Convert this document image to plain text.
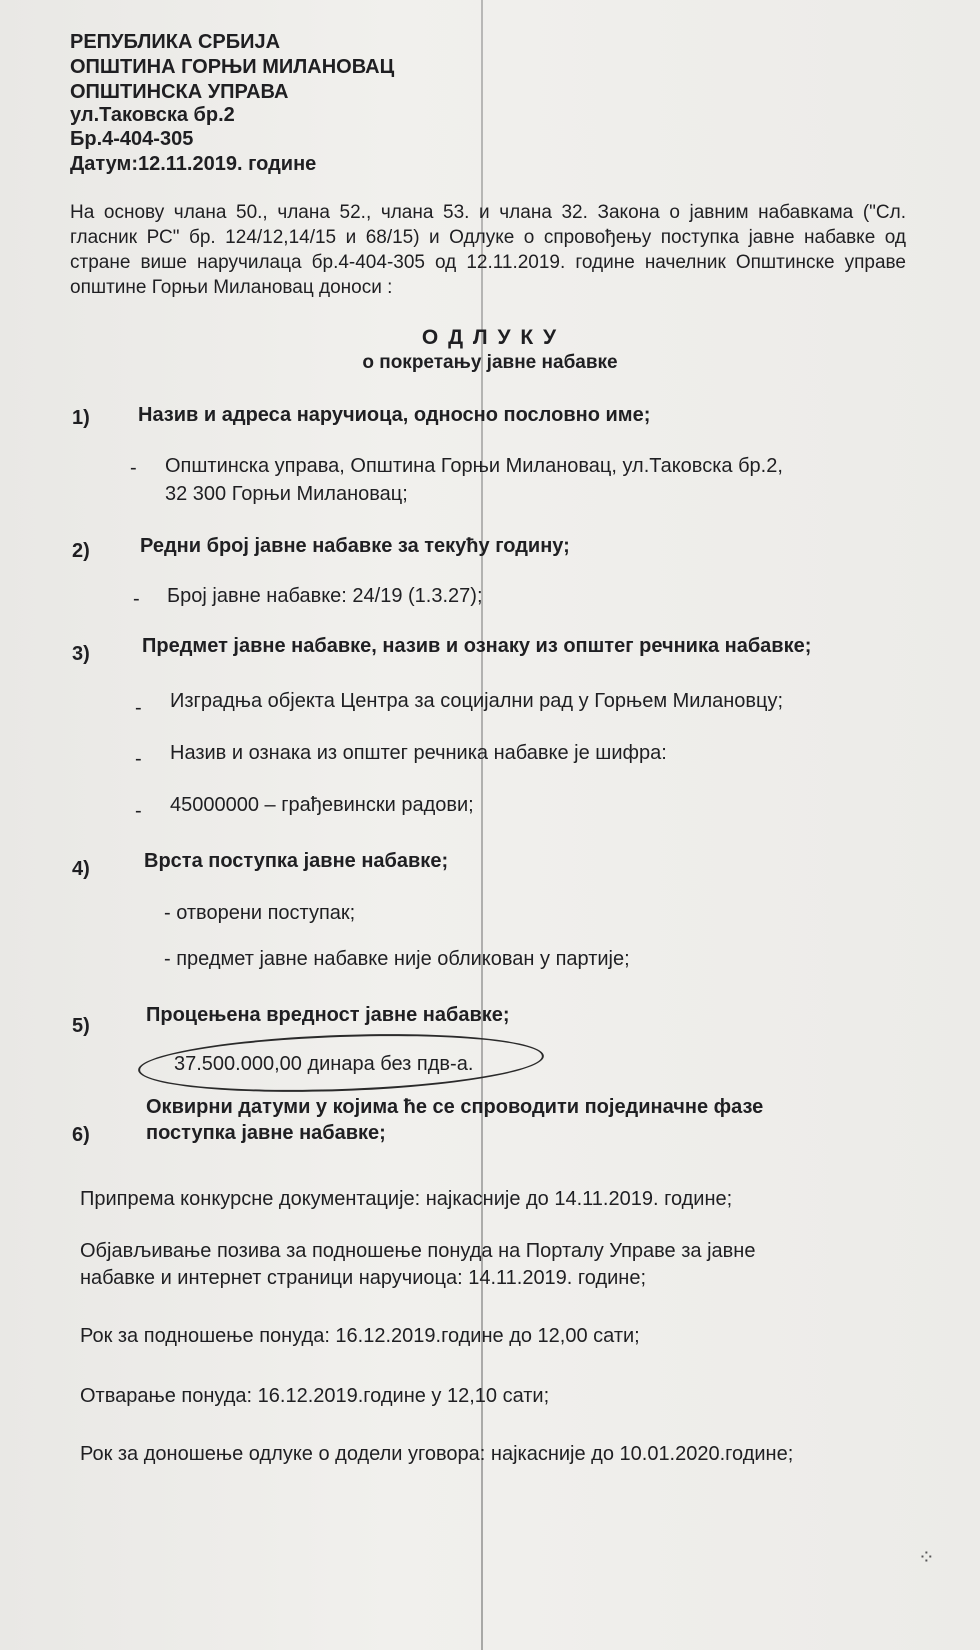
РЕПУБЛИКА СРБИЈА
ОПШТИНА ГОРЊИ МИЛАНОВАЦ
ОПШТИНСКА УПРАВА
ул.Таковска бр.2
Бр.4-404-305
Датум:12.11.2019. године
На основу члана 50., члана 52., члана 53. и члана 32. Закона о јавним набавкама ("Сл. гласник РС" бр. 124/12,14/15 и 68/15) и Одлуке о спровођењу поступка јавне набавке од стране више наручилаца бр.4-404-305 од 12.11.2019. године начелник Општинске управе општине Горњи Милановац доноси :
О Д Л У К У
о покретању јавне набавке
1) Назив и адреса наручиоца, односно пословно име;
- Општинска управа, Општина Горњи Милановац, ул.Таковска бр.2,
32 300 Горњи Милановац;
2)	Редни број јавне набавке за текућу годину;
- Број јавне набавке: 24/19 (1.3.27);
3)	Предмет јавне набавке, назив и ознаку из општег речника набавке;
- Изградња објекта Центра за социјални рад у Горњем Милановцу;
- Назив и ознака из општег речника набавке је шифра:
- 45000000 – грађевински радови;
4)	Врста поступка јавне набавке;
- отворени поступак;
- предмет јавне набавке није обликован у партије;
5)	Процењена вредност јавне набавке;
37.500.000,00 динара без пдв-а.
6)
Оквирни датуми у којима ће се спроводити појединачне фазе
поступка јавне набавке;
Припрема конкурсне документације: најкасније до 14.11.2019. године;
Објављивање позива за подношење понуда на Порталу Управе за јавне
набавке и интернет страници наручиоца: 14.11.2019. године;
Рок за подношење понуда: 16.12.2019.године до 12,00 сати;
Отварање понуда: 16.12.2019.године у 12,10 сати;
Рок за доношење одлуке о додели уговора: најкасније до 10.01.2020.године;
⁘
